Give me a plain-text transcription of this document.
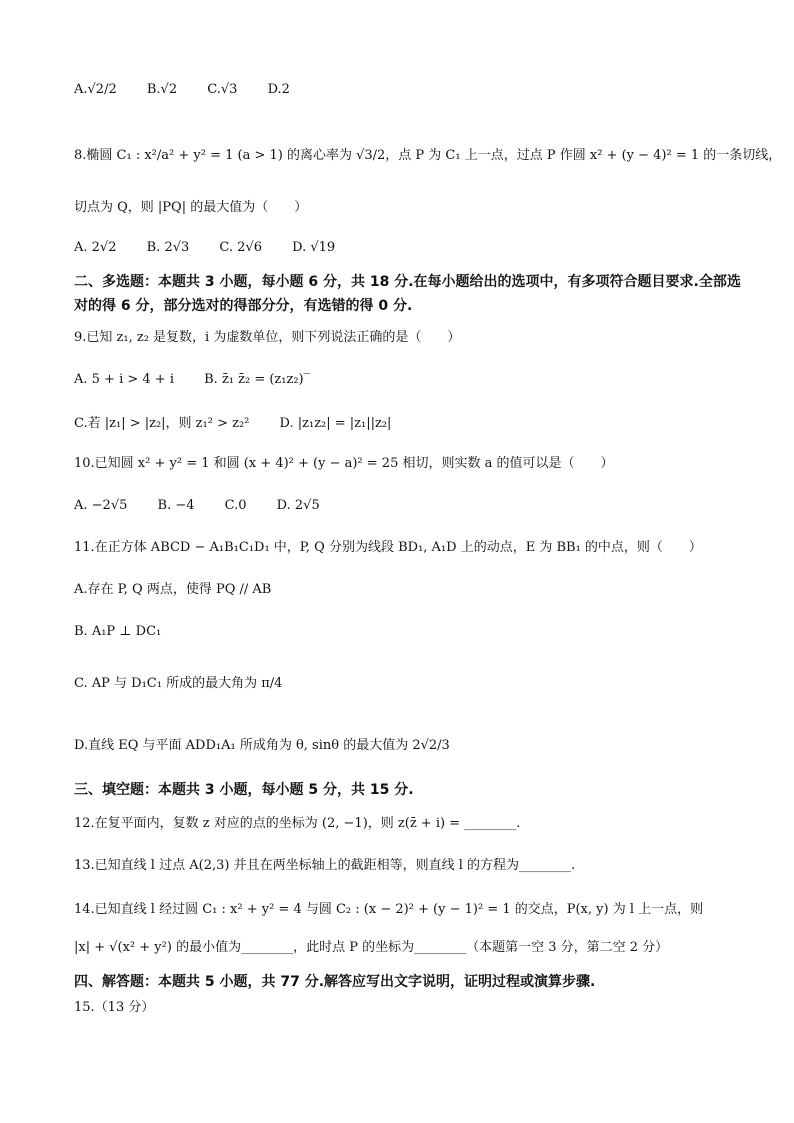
A.√2/2 B.√2 C.√3 D.2
8.椭圆 C₁ : x²/a² + y² = 1 (a > 1) 的离心率为 √3/2，点 P 为 C₁ 上一点，过点 P 作圆 x² + (y − 4)² = 1 的一条切线，
切点为 Q，则 |PQ| 的最大值为（　　）
A. 2√2 B. 2√3 C. 2√6 D. √19
二、多选题：本题共 3 小题，每小题 6 分，共 18 分.在每小题给出的选项中，有多项符合题目要求.全部选对的得 6 分，部分选对的得部分分，有选错的得 0 分.
9.已知 z₁, z₂ 是复数，i 为虚数单位，则下列说法正确的是（　　）
A. 5 + i > 4 + i B. z̄₁ z̄₂ = (z₁z₂)‾
C.若 |z₁| > |z₂|，则 z₁² > z₂² D. |z₁z₂| = |z₁||z₂|
10.已知圆 x² + y² = 1 和圆 (x + 4)² + (y − a)² = 25 相切，则实数 a 的值可以是（　　）
A. −2√5 B. −4 C.0 D. 2√5
11.在正方体 ABCD − A₁B₁C₁D₁ 中，P, Q 分别为线段 BD₁, A₁D 上的动点，E 为 BB₁ 的中点，则（　　）
A.存在 P, Q 两点，使得 PQ // AB
B. A₁P ⊥ DC₁
C. AP 与 D₁C₁ 所成的最大角为 π/4
D.直线 EQ 与平面 ADD₁A₁ 所成角为 θ, sinθ 的最大值为 2√2/3
三、填空题：本题共 3 小题，每小题 5 分，共 15 分.
12.在复平面内，复数 z 对应的点的坐标为 (2, −1)，则 z(z̄ + i) = ________.
13.已知直线 l 过点 A(2,3) 并且在两坐标轴上的截距相等，则直线 l 的方程为________.
14.已知直线 l 经过圆 C₁ : x² + y² = 4 与圆 C₂ : (x − 2)² + (y − 1)² = 1 的交点，P(x, y) 为 l 上一点，则
|x| + √(x² + y²) 的最小值为________，此时点 P 的坐标为________（本题第一空 3 分，第二空 2 分）
四、解答题：本题共 5 小题，共 77 分.解答应写出文字说明，证明过程或演算步骤.
15.（13 分）
